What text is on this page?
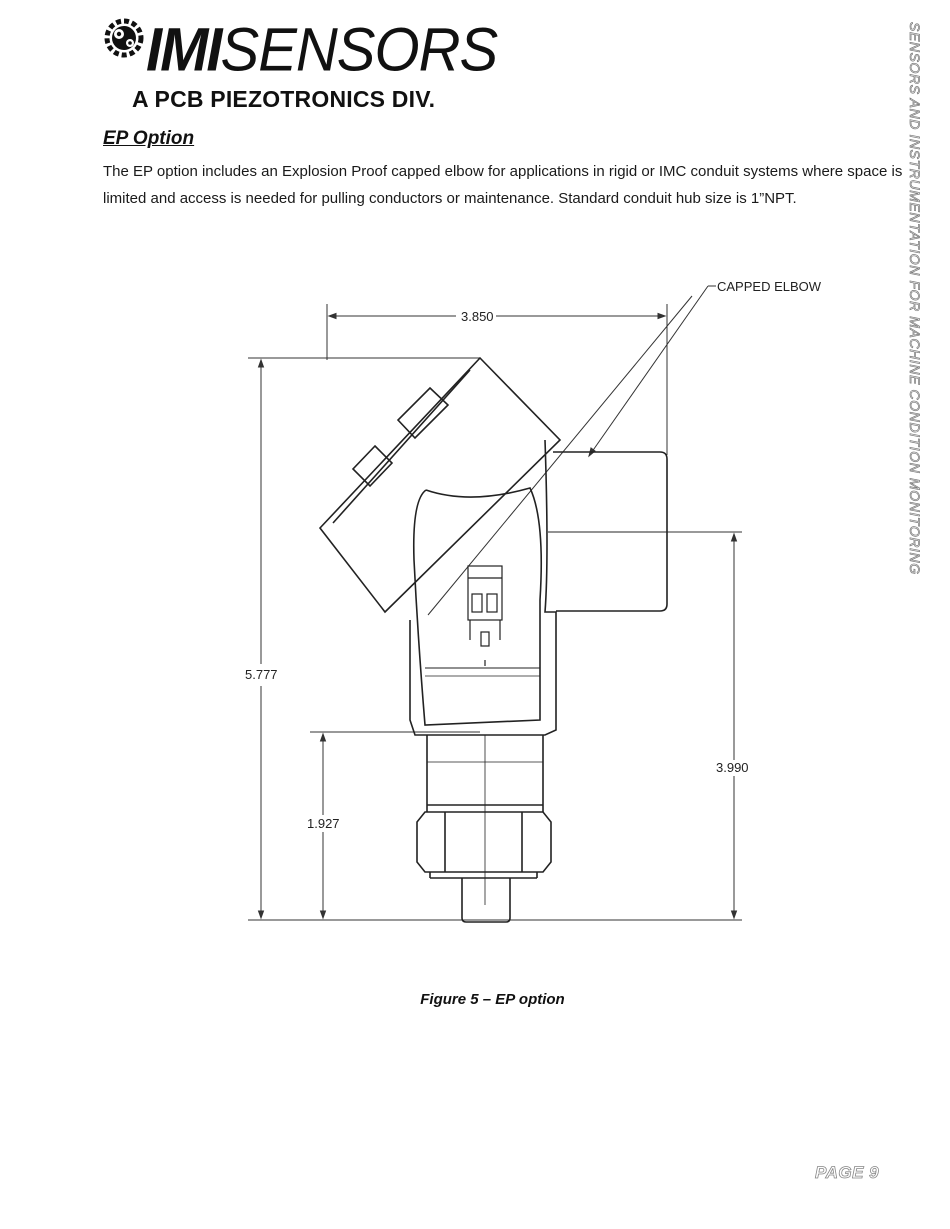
IMISENSORS
A PCB PIEZOTRONICS DIV.
EP Option
The EP option includes an Explosion Proof capped elbow for applications in rigid or IMC conduit systems where space is limited and access is needed for pulling conductors or maintenance. Standard conduit hub size is 1”NPT.	SENSORS AND INSTRUMENTATION FOR MACHINE CONDITION MONITORING
3.850
5.777
1.927
3.990
CAPPED ELBOW
Figure 5 – EP option
PAGE 9
